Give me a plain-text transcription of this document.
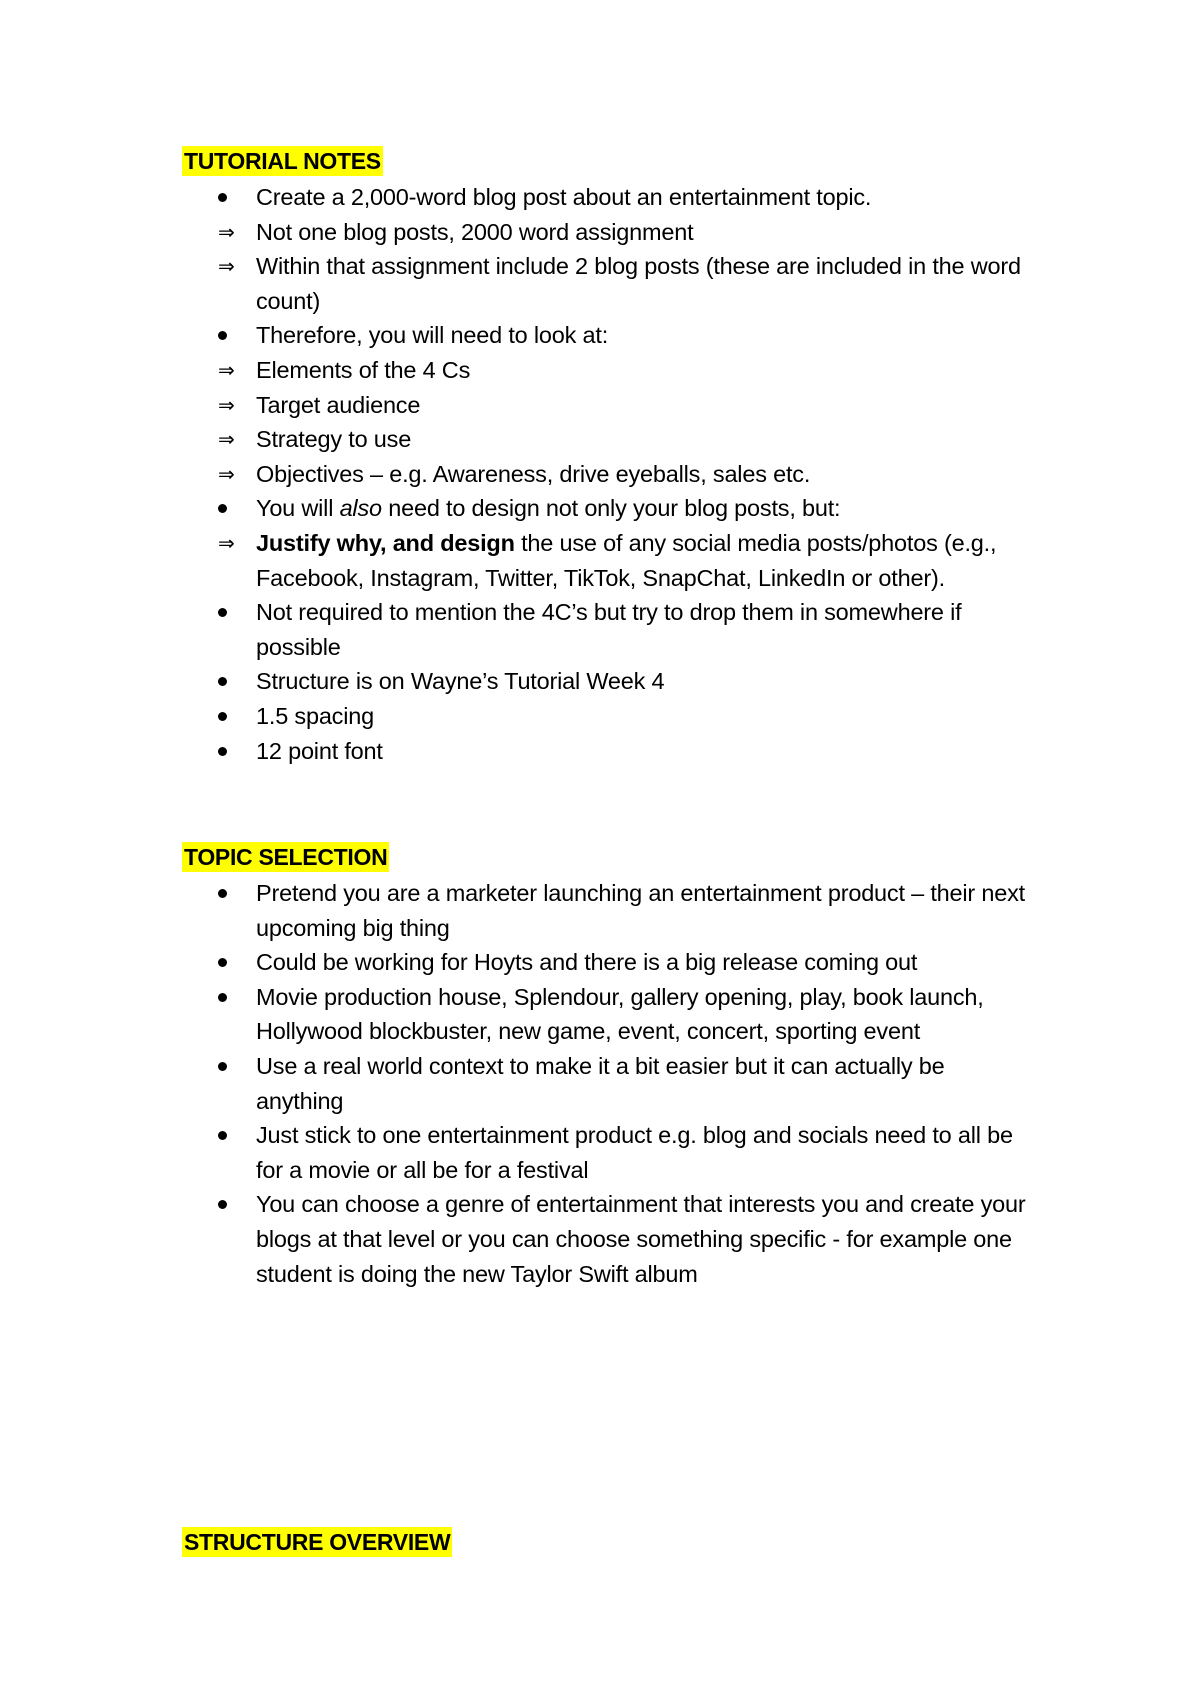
TUTORIAL NOTES
Create a 2,000-word blog post about an entertainment topic.
⇒ Not one blog posts, 2000 word assignment
⇒ Within that assignment include 2 blog posts (these are included in the word count)
Therefore, you will need to look at:
⇒ Elements of the 4 Cs
⇒ Target audience
⇒ Strategy to use
⇒ Objectives – e.g. Awareness, drive eyeballs, sales etc.
You will also need to design not only your blog posts, but:
⇒ Justify why, and design the use of any social media posts/photos (e.g., Facebook, Instagram, Twitter, TikTok, SnapChat, LinkedIn or other).
Not required to mention the 4C’s but try to drop them in somewhere if possible
Structure is on Wayne’s Tutorial Week 4
1.5 spacing
12 point font
TOPIC SELECTION
Pretend you are a marketer launching an entertainment product – their next upcoming big thing
Could be working for Hoyts and there is a big release coming out
Movie production house, Splendour, gallery opening, play, book launch, Hollywood blockbuster, new game, event, concert, sporting event
Use a real world context to make it a bit easier but it can actually be anything
Just stick to one entertainment product e.g. blog and socials need to all be for a movie or all be for a festival
You can choose a genre of entertainment that interests you and create your blogs at that level or you can choose something specific - for example one student is doing the new Taylor Swift album
STRUCTURE OVERVIEW
